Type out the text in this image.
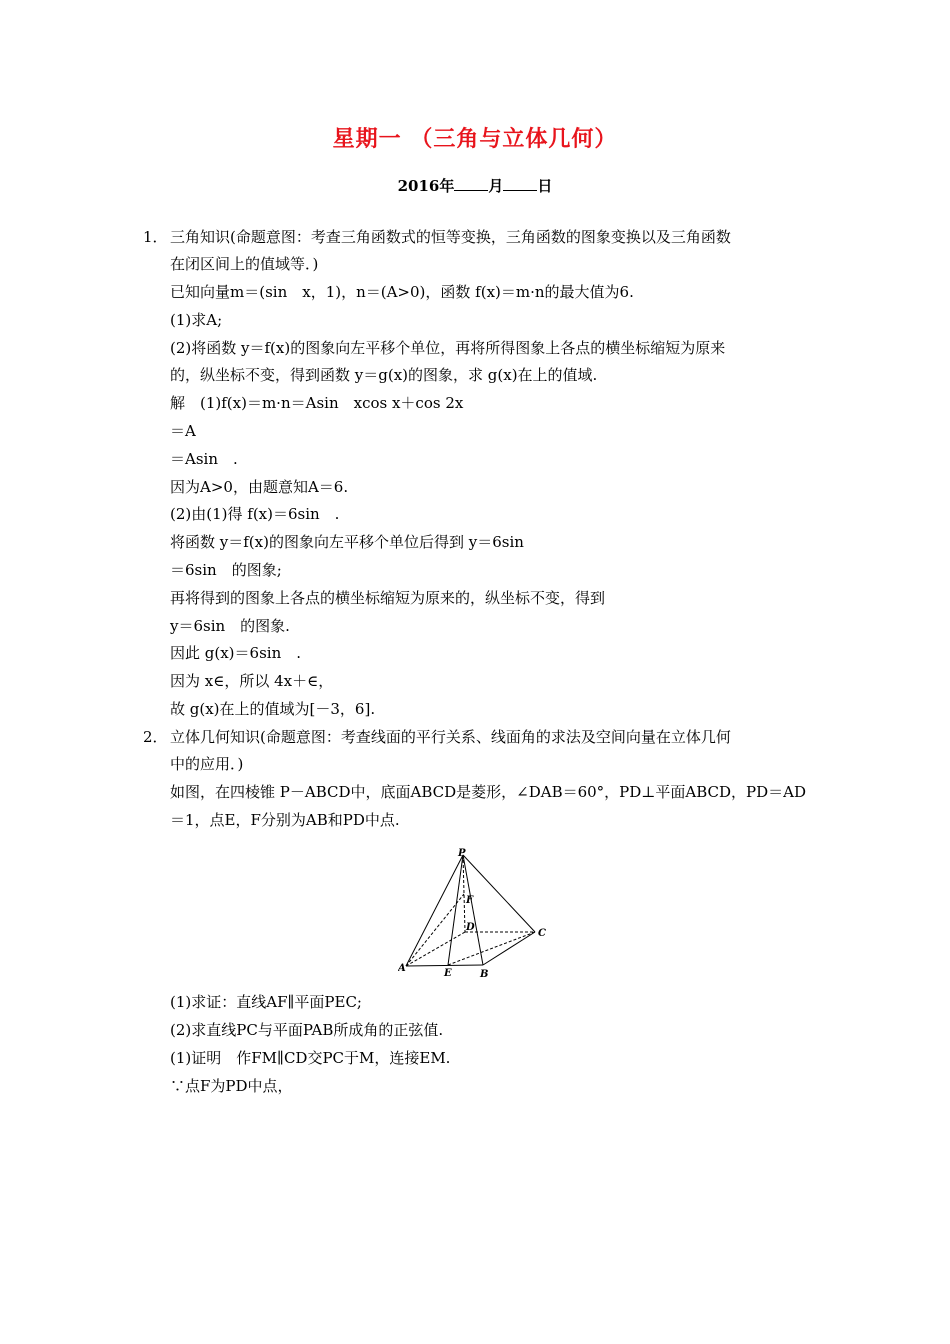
星期一 （三角与立体几何）
2016年 月 日
1． 三角知识(命题意图：考查三角函数式的恒等变换，三角函数的图象变换以及三角函数
在闭区间上的值域等．)
已知向量m＝(sin　x，1)，n＝(A>0)，函数 f(x)＝m·n的最大值为6.
(1)求A;
(2)将函数 y＝f(x)的图象向左平移个单位，再将所得图象上各点的横坐标缩短为原来
的，纵坐标不变，得到函数 y＝g(x)的图象，求 g(x)在上的值域.
解　(1)f(x)＝m·n＝Asin　xcos x＋cos 2x
＝A
＝Asin　.
因为A>0，由题意知A＝6.
(2)由(1)得 f(x)＝6sin　.
将函数 y＝f(x)的图象向左平移个单位后得到 y＝6sin
＝6sin　的图象;
再将得到的图象上各点的横坐标缩短为原来的，纵坐标不变，得到
y＝6sin　的图象.
因此 g(x)＝6sin　.
因为 x∈，所以 4x＋∈，
故 g(x)在上的值域为[－3，6].
2． 立体几何知识(命题意图：考查线面的平行关系、线面角的求法及空间向量在立体几何
中的应用．)
如图，在四棱锥 P－ABCD中，底面ABCD是菱形，∠DAB＝60°，PD⊥平面ABCD，PD＝AD
＝1，点E，F分别为AB和PD中点.
P
F
D
C
A	E	B
(1)求证：直线AF∥平面PEC;
(2)求直线PC与平面PAB所成角的正弦值.
(1)证明　作FM∥CD交PC于M，连接EM.
∵点F为PD中点，
